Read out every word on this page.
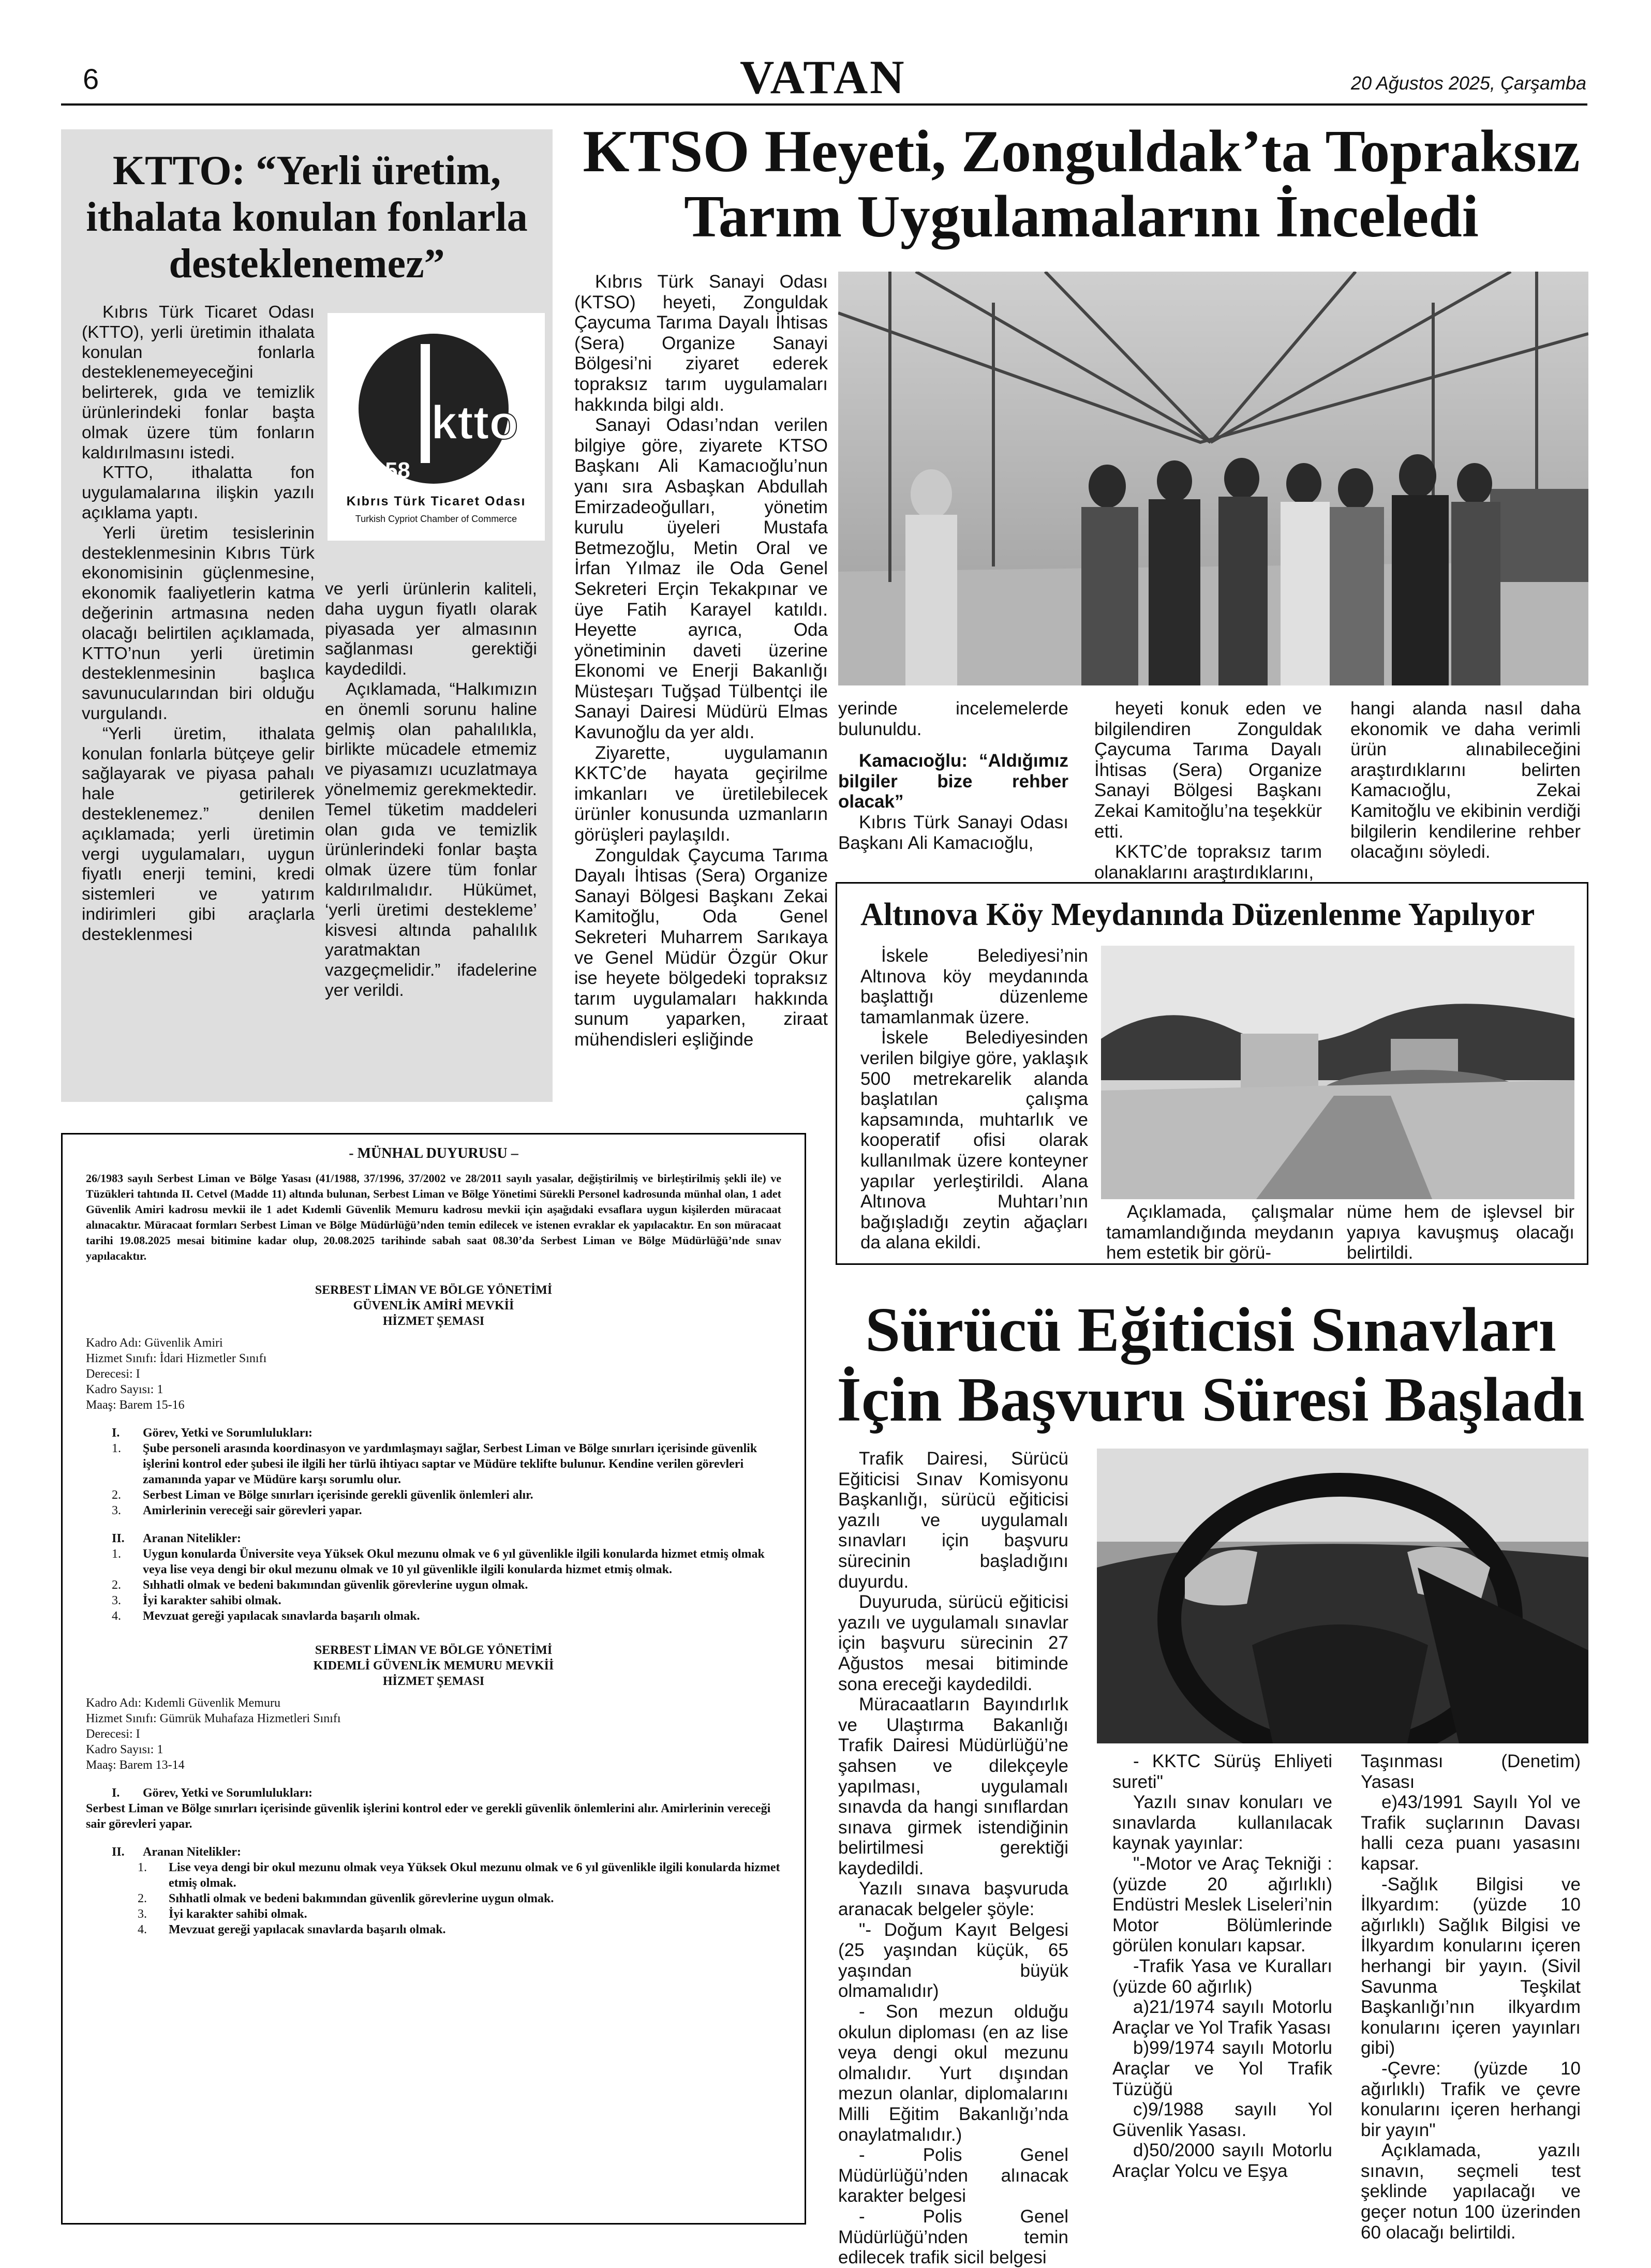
6	VATAN	20 Ağustos 2025, Çarşamba
KTTO: “Yerli üretim, ithalata konulan fonlarla desteklenemez”
ktto
1958
Kıbrıs Türk Ticaret Odası
Turkish Cypriot Chamber of Commerce

Kıbrıs Türk Ticaret Odası (KTTO), yerli üretimin ithalata konulan fonlarla desteklenemeyeceğini belirterek, gıda ve temizlik ürünlerindeki fonlar başta olmak üzere tüm fonların kaldırılmasını istedi.

KTTO, ithalatta fon uygulamalarına ilişkin yazılı açıklama yaptı.

Yerli üretim tesislerinin desteklenmesinin Kıbrıs Türk ekonomisinin güçlenmesine, ekonomik faaliyetlerin katma değerinin artmasına neden olacağı belirtilen açıklamada, KTTO’nun yerli üretimin desteklenmesinin başlıca savunucularından biri olduğu vurgulandı.

“Yerli üretim, ithalata konulan fonlarla bütçeye gelir sağlayarak ve piyasa pahalı hale getirilerek desteklenemez.” denilen açıklamada; yerli üretimin vergi uygulamaları, uygun fiyatlı enerji temini, kredi sistemleri ve yatırım indirimleri gibi araçlarla desteklenmesi

ve yerli ürünlerin kaliteli, daha uygun fiyatlı olarak piyasada yer almasının sağlanması gerektiği kaydedildi.

Açıklamada, “Halkımızın en önemli sorunu haline gelmiş olan pahalılıkla, birlikte mücadele etmemiz ve piyasamızı ucuzlatmaya yönelmemiz gerekmektedir. Temel tüketim maddeleri olan gıda ve temizlik ürünlerindeki fonlar başta olmak üzere tüm fonlar kaldırılmalıdır. Hükümet, ‘yerli üretimi destekleme’ kisvesi altında pahalılık yaratmaktan vazgeçmelidir.” ifadelerine yer verildi.

KTSO Heyeti, Zonguldak’ta Topraksız
Tarım Uygulamalarını İnceledi

Kıbrıs Türk Sanayi Odası (KTSO) heyeti, Zonguldak Çaycuma Tarıma Dayalı İhtisas (Sera) Organize Sanayi Bölgesi’ni ziyaret ederek topraksız tarım uygulamaları hakkında bilgi aldı.

Sanayi Odası’ndan verilen bilgiye göre, ziyarete KTSO Başkanı Ali Kamacıoğlu’nun yanı sıra Asbaşkan Abdullah Emirzadeoğulları, yönetim kurulu üyeleri Mustafa Betmezoğlu, Metin Oral ve İrfan Yılmaz ile Oda Genel Sekreteri Erçin Tekakpınar ve üye Fatih Karayel katıldı. Heyette ayrıca, Oda yönetiminin daveti üzerine Ekonomi ve Enerji Bakanlığı Müsteşarı Tuğşad Tülbentçi ile Sanayi Dairesi Müdürü Elmas Kavunoğlu da yer aldı.

Ziyarette, uygulamanın KKTC’de hayata geçirilme imkanları ve üretilebilecek ürünler konusunda uzmanların görüşleri paylaşıldı.

Zonguldak Çaycuma Tarıma Dayalı İhtisas (Sera) Organize Sanayi Bölgesi Başkanı Zekai Kamitoğlu, Oda Genel Sekreteri Muharrem Sarıkaya ve Genel Müdür Özgür Okur ise heyete bölgedeki topraksız tarım uygulamaları hakkında sunum yaparken, ziraat mühendisleri eşliğinde

yerinde incelemelerde bulunuldu.

Kamacıoğlu: “Aldığımız bilgiler bize rehber olacak”

Kıbrıs Türk Sanayi Odası Başkanı Ali Kamacıoğlu,

heyeti konuk eden ve bilgilendiren Zonguldak Çaycuma Tarıma Dayalı İhtisas (Sera) Organize Sanayi Bölgesi Başkanı Zekai Kamitoğlu’na teşekkür etti.

KKTC’de topraksız tarım olanaklarını araştırdıklarını,

hangi alanda nasıl daha ekonomik ve daha verimli ürün alınabileceğini araştırdıklarını belirten Kamacıoğlu, Zekai Kamitoğlu ve ekibinin verdiği bilgilerin kendilerine rehber olacağını söyledi.

Altınova Köy Meydanında Düzenlenme Yapılıyor

İskele Belediyesi’nin Altınova köy meydanında başlattığı düzenleme tamamlanmak üzere.

İskele Belediyesinden verilen bilgiye göre, yaklaşık 500 metrekarelik alanda başlatılan çalışma kapsamında, muhtarlık ve kooperatif ofisi olarak kullanılmak üzere konteyner yapılar yerleştirildi. Alana Altınova Muhtarı’nın bağışladığı zeytin ağaçları da alana ekildi.

Açıklamada, çalışmalar tamamlandığında meydanın hem estetik bir görü-

nüme hem de işlevsel bir yapıya kavuşmuş olacağı belirtildi.

Sürücü Eğiticisi Sınavları
İçin Başvuru Süresi Başladı

Trafik Dairesi, Sürücü Eğiticisi Sınav Komisyonu Başkanlığı, sürücü eğiticisi yazılı ve uygulamalı sınavları için başvuru sürecinin başladığını duyurdu.

Duyuruda, sürücü eğiticisi yazılı ve uygulamalı sınavlar için başvuru sürecinin 27 Ağustos mesai bitiminde sona ereceği kaydedildi.

Müracaatların Bayındırlık ve Ulaştırma Bakanlığı Trafik Dairesi Müdürlüğü’ne şahsen ve dilekçeyle yapılması, uygulamalı sınavda da hangi sınıflardan sınava girmek istendiğinin belirtilmesi gerektiği kaydedildi.

Yazılı sınava başvuruda aranacak belgeler şöyle:

"- Doğum Kayıt Belgesi (25 yaşından küçük, 65 yaşından büyük olmamalıdır)

- Son mezun olduğu okulun diploması (en az lise veya dengi okul mezunu olmalıdır. Yurt dışından mezun olanlar, diplomalarını Milli Eğitim Bakanlığı’nda onaylatmalıdır.)

- Polis Genel Müdürlüğü’nden alınacak karakter belgesi

- Polis Genel Müdürlüğü’nden temin edilecek trafik sicil belgesi

- KKTC Sürüş Ehliyeti sureti"

Yazılı sınav konuları ve sınavlarda kullanılacak kaynak yayınlar:

"-Motor ve Araç Tekniği : (yüzde 20 ağırlıklı) Endüstri Meslek Liseleri’nin Motor Bölümlerinde görülen konuları kapsar.

-Trafik Yasa ve Kuralları (yüzde 60 ağırlık)

a)21/1974 sayılı Motorlu Araçlar ve Yol Trafik Yasası

b)99/1974 sayılı Motorlu Araçlar ve Yol Trafik Tüzüğü

c)9/1988 sayılı Yol Güvenlik Yasası.

d)50/2000 sayılı Motorlu Araçlar Yolcu ve Eşya

Taşınması (Denetim) Yasası

e)43/1991 Sayılı Yol ve Trafik suçlarının Davası halli ceza puanı yasasını kapsar.

-Sağlık Bilgisi ve İlkyardım: (yüzde 10 ağırlıklı) Sağlık Bilgisi ve İlkyardım konularını içeren herhangi bir yayın. (Sivil Savunma Teşkilat Başkanlığı’nın ilkyardım konularını içeren yayınları gibi)

-Çevre: (yüzde 10 ağırlıklı) Trafik ve çevre konularını içeren herhangi bir yayın"

Açıklamada, yazılı sınavın, seçmeli test şeklinde yapılacağı ve geçer notun 100 üzerinden 60 olacağı belirtildi.

- MÜNHAL DUYURUSU –
26/1983 sayılı Serbest Liman ve Bölge Yasası (41/1988, 37/1996, 37/2002 ve 28/2011 sayılı yasalar, değiştirilmiş ve birleştirilmiş şekli ile) ve Tüzükleri tahtında II. Cetvel (Madde 11) altında bulunan, Serbest Liman ve Bölge Yönetimi Sürekli Personel kadrosunda münhal olan, 1 adet Güvenlik Amiri kadrosu mevkii ile 1 adet Kıdemli Güvenlik Memuru kadrosu mevkii için aşağıdaki evsaflara uygun kişilerden müracaat alınacaktır. Müracaat formları Serbest Liman ve Bölge Müdürlüğü’nden temin edilecek ve istenen evraklar ek yapılacaktır. En son müracaat tarihi 19.08.2025 mesai bitimine kadar olup, 20.08.2025 tarihinde sabah saat 08.30’da Serbest Liman ve Bölge Müdürlüğü’nde sınav yapılacaktır.
SERBEST LİMAN VE BÖLGE YÖNETİMİ
GÜVENLİK AMİRİ MEVKİİ
HİZMET ŞEMASI
Kadro Adı: Güvenlik Amiri
Hizmet Sınıfı: İdari Hizmetler Sınıfı
Derecesi: I
Kadro Sayısı: 1
Maaş: Barem 15-16
I.	Görev, Yetki ve Sorumlulukları:
1.	Şube personeli arasında koordinasyon ve yardımlaşmayı sağlar, Serbest Liman ve Bölge sınırları içerisinde güvenlik işlerini kontrol eder şubesi ile ilgili her türlü ihtiyacı saptar ve Müdüre teklifte bulunur. Kendine verilen görevleri zamanında yapar ve Müdüre karşı sorumlu olur.
2.	Serbest Liman ve Bölge sınırları içerisinde gerekli güvenlik önlemleri alır.
3.	Amirlerinin vereceği sair görevleri yapar.
II. Aranan Nitelikler:
1.	Uygun konularda Üniversite veya Yüksek Okul mezunu olmak ve 6 yıl güvenlikle ilgili konularda hizmet etmiş olmak veya lise veya dengi bir okul mezunu olmak ve 10 yıl güvenlikle ilgili konularda hizmet etmiş olmak.
2.	Sıhhatli olmak ve bedeni bakımından güvenlik görevlerine uygun olmak.
3.	İyi karakter sahibi olmak.
4.	Mevzuat gereği yapılacak sınavlarda başarılı olmak.
SERBEST LİMAN VE BÖLGE YÖNETİMİ
KIDEMLİ GÜVENLİK MEMURU MEVKİİ
HİZMET ŞEMASI
Kadro Adı: Kıdemli Güvenlik Memuru
Hizmet Sınıfı: Gümrük Muhafaza Hizmetleri Sınıfı
Derecesi: I
Kadro Sayısı: 1
Maaş: Barem 13-14
I.	Görev, Yetki ve Sorumlulukları:
Serbest Liman ve Bölge sınırları içerisinde güvenlik işlerini kontrol eder ve gerekli güvenlik önlemlerini alır. Amirlerinin vereceği sair görevleri yapar.
II. Aranan Nitelikler:
1.	Lise veya dengi bir okul mezunu olmak veya Yüksek Okul mezunu olmak ve 6 yıl güvenlikle ilgili konularda hizmet etmiş olmak.
2.	Sıhhatli olmak ve bedeni bakımından güvenlik görevlerine uygun olmak.
3.	İyi karakter sahibi olmak.
4.	Mevzuat gereği yapılacak sınavlarda başarılı olmak.
